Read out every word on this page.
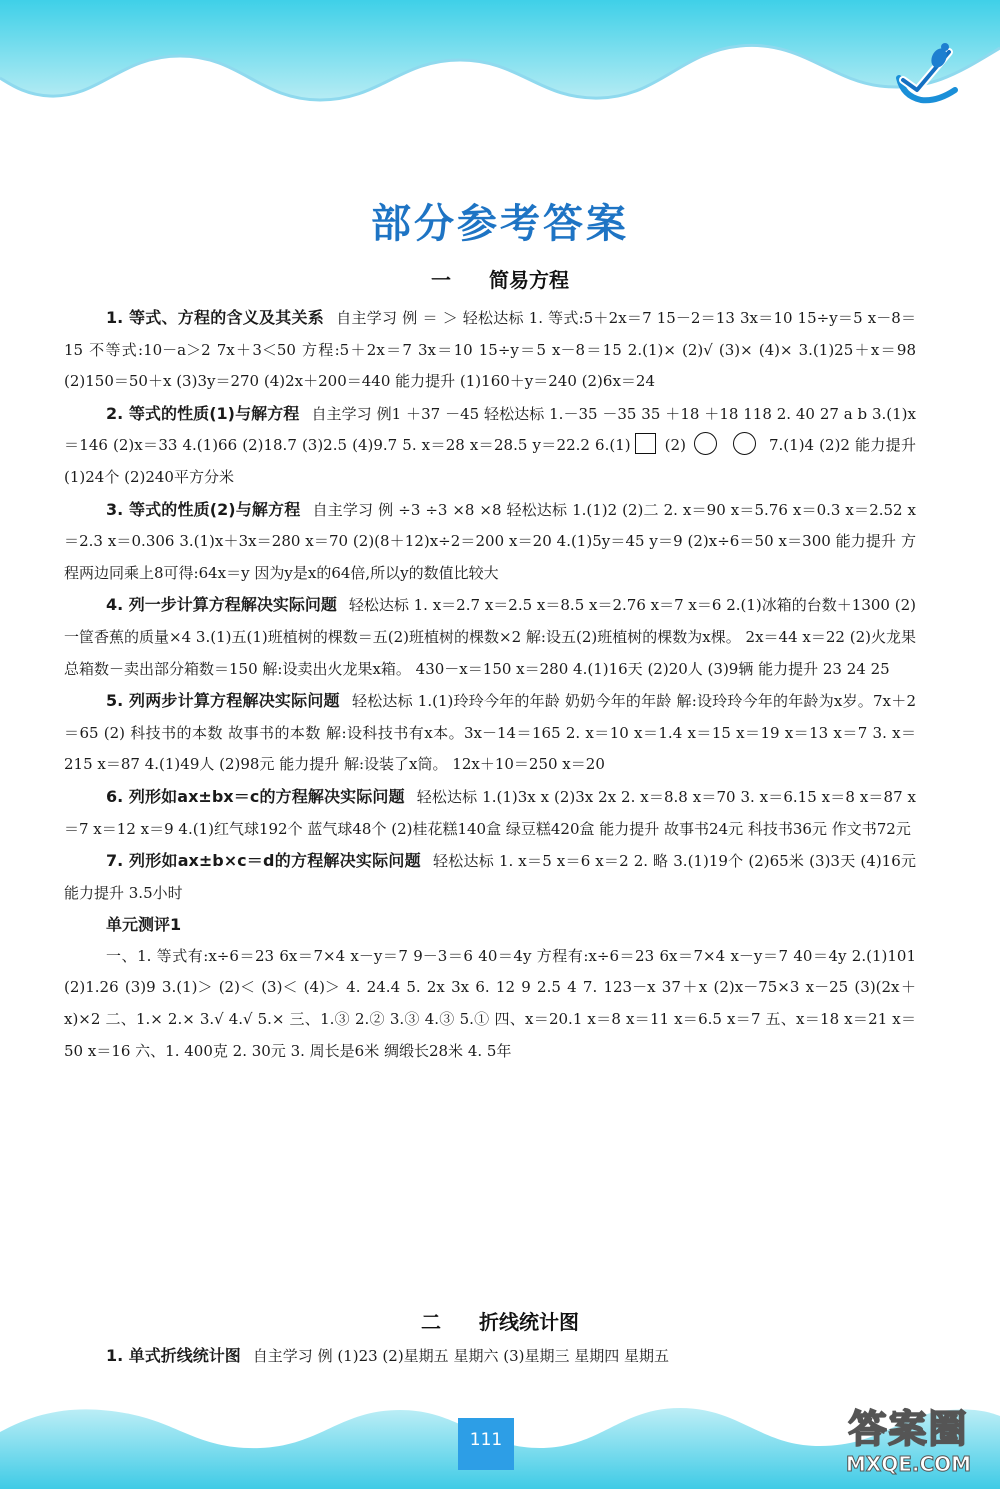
部分参考答案
一 简易方程

1. 等式、方程的含义及其关系 自主学习 例 ＝ ＞ 轻松达标 1. 等式:5＋2x＝7 15－2＝13 3x＝10 15÷y＝5 x－8＝15 不等式:10－a＞2 7x＋3＜50 方程:5＋2x＝7 3x＝10 15÷y＝5 x－8＝15 2.(1)× (2)√ (3)× (4)× 3.(1)25＋x＝98 (2)150＝50＋x (3)3y＝270 (4)2x＋200＝440 能力提升 (1)160＋y＝240 (2)6x＝24

2. 等式的性质(1)与解方程 自主学习 例1 ＋37 －45 轻松达标 1.－35 －35 35 ＋18 ＋18 118 2. 40 27 a b 3.(1)x＝146 (2)x＝33 4.(1)66 (2)18.7 (3)2.5 (4)9.7 5. x＝28 x＝28.5 y＝22.2 6.(1) (2)	7.(1)4 (2)2 能力提升 (1)24个 (2)240平方分米

3. 等式的性质(2)与解方程 自主学习 例 ÷3 ÷3 ×8 ×8 轻松达标 1.(1)2 (2)二 2. x＝90 x＝5.76 x＝0.3 x＝2.52 x＝2.3 x＝0.306 3.(1)x＋3x＝280 x＝70 (2)(8＋12)x÷2＝200 x＝20 4.(1)5y＝45 y＝9 (2)x÷6＝50 x＝300 能力提升 方程两边同乘上8可得:64x＝y 因为y是x的64倍,所以y的数值比较大

4. 列一步计算方程解决实际问题 轻松达标 1. x＝2.7 x＝2.5 x＝8.5 x＝2.76 x＝7 x＝6 2.(1)冰箱的台数＋1300 (2)一筐香蕉的质量×4 3.(1)五(1)班植树的棵数＝五(2)班植树的棵数×2 解:设五(2)班植树的棵数为x棵。 2x＝44 x＝22 (2)火龙果总箱数－卖出部分箱数＝150 解:设卖出火龙果x箱。 430－x＝150 x＝280 4.(1)16天 (2)20人 (3)9辆 能力提升 23 24 25

5. 列两步计算方程解决实际问题 轻松达标 1.(1)玲玲今年的年龄 奶奶今年的年龄 解:设玲玲今年的年龄为x岁。7x＋2＝65 (2) 科技书的本数 故事书的本数 解:设科技书有x本。3x－14＝165 2. x＝10 x＝1.4 x＝15 x＝19 x＝13 x＝7 3. x＝215 x＝87 4.(1)49人 (2)98元 能力提升 解:设装了x筒。 12x＋10＝250 x＝20

6. 列形如ax±bx＝c的方程解决实际问题 轻松达标 1.(1)3x x (2)3x 2x 2. x＝8.8 x＝70 3. x＝6.15 x＝8 x＝87 x＝7 x＝12 x＝9 4.(1)红气球192个 蓝气球48个 (2)桂花糕140盒 绿豆糕420盒 能力提升 故事书24元 科技书36元 作文书72元

7. 列形如ax±b×c＝d的方程解决实际问题 轻松达标 1. x＝5 x＝6 x＝2 2. 略 3.(1)19个 (2)65米 (3)3天 (4)16元 能力提升 3.5小时

单元测评1

一、1. 等式有:x÷6＝23 6x＝7×4 x－y＝7 9－3＝6 40＝4y 方程有:x÷6＝23 6x＝7×4 x－y＝7 40＝4y 2.(1)101 (2)1.26 (3)9 3.(1)＞ (2)＜ (3)＜ (4)＞ 4. 24.4 5. 2x 3x 6. 12 9 2.5 4 7. 123－x 37＋x (2)x－75×3 x－25 (3)(2x＋x)×2 二、1.× 2.× 3.√ 4.√ 5.× 三、1.③ 2.② 3.③ 4.③ 5.① 四、x＝20.1 x＝8 x＝11 x＝6.5 x＝7 五、x＝18 x＝21 x＝50 x＝16 六、1. 400克 2. 30元 3. 周长是6米 绸缎长28米 4. 5年

二 折线统计图

1. 单式折线统计图 自主学习 例 (1)23 (2)星期五 星期六 (3)星期三 星期四 星期五

111	答案圈
MXQE.COM
